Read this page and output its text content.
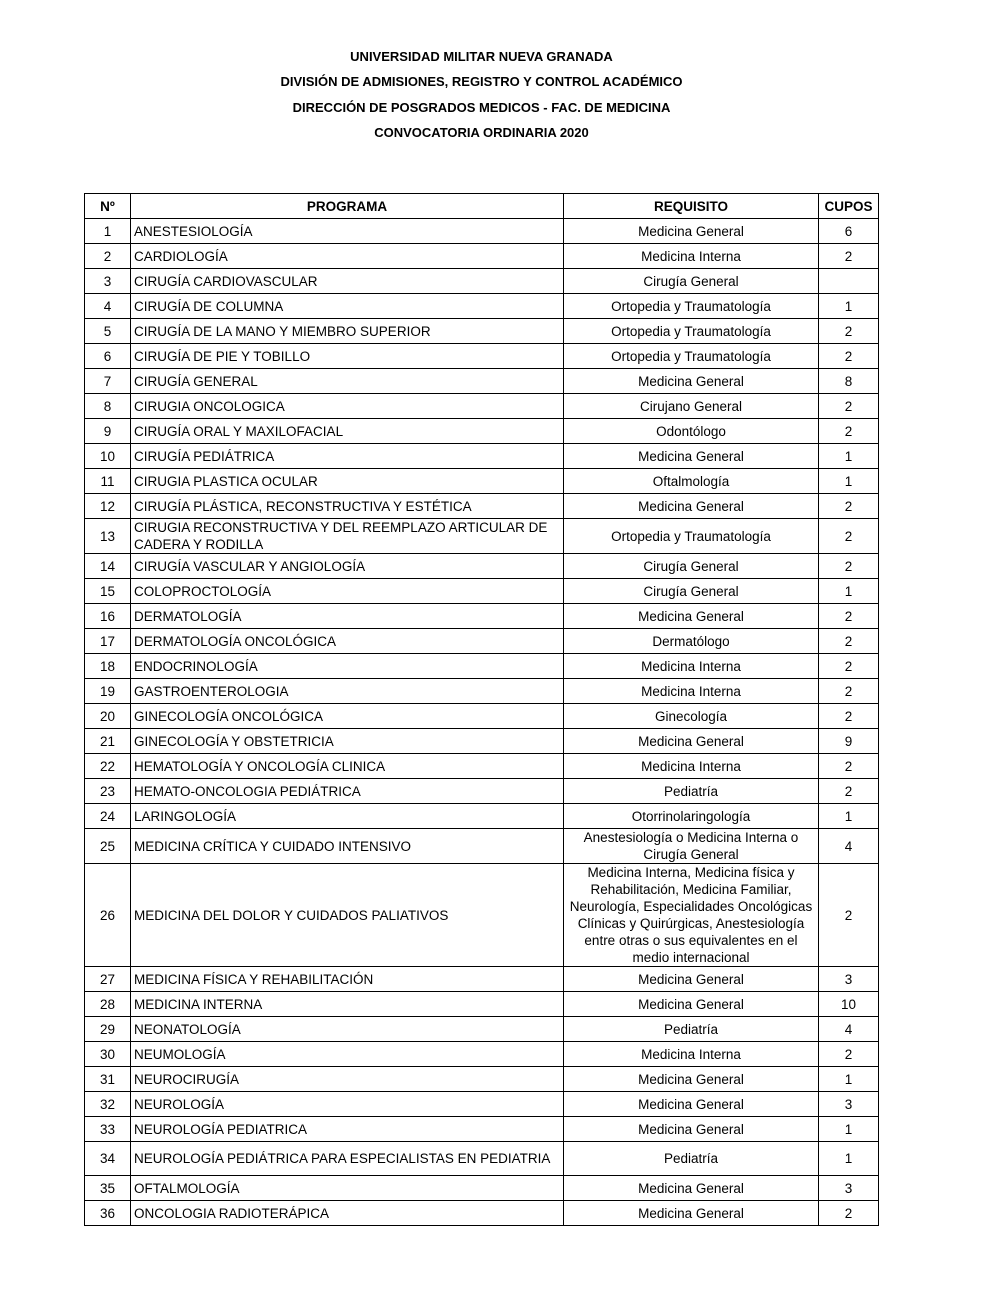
UNIVERSIDAD MILITAR NUEVA GRANADA
DIVISIÓN DE ADMISIONES, REGISTRO Y CONTROL ACADÉMICO
DIRECCIÓN DE POSGRADOS MEDICOS - FAC. DE MEDICINA
CONVOCATORIA ORDINARIA 2020
Nº	PROGRAMA	REQUISITO	CUPOS
1	ANESTESIOLOGÍA	Medicina General	6
2	CARDIOLOGÍA	Medicina Interna	2
3	CIRUGÍA CARDIOVASCULAR	Cirugía General	
4	CIRUGÍA DE COLUMNA	Ortopedia y Traumatología	1
5	CIRUGÍA DE LA MANO Y MIEMBRO SUPERIOR	Ortopedia y Traumatología	2
6	CIRUGÍA DE PIE Y TOBILLO	Ortopedia y Traumatología	2
7	CIRUGÍA GENERAL	Medicina General	8
8	CIRUGIA ONCOLOGICA	Cirujano General	2
9	CIRUGÍA ORAL Y MAXILOFACIAL	Odontólogo	2
10	CIRUGÍA PEDIÁTRICA	Medicina General	1
11	CIRUGIA PLASTICA OCULAR	Oftalmología	1
12	CIRUGÍA PLÁSTICA, RECONSTRUCTIVA Y ESTÉTICA	Medicina General	2
13	CIRUGIA RECONSTRUCTIVA Y DEL REEMPLAZO ARTICULAR DE CADERA Y RODILLA	Ortopedia y Traumatología	2
14	CIRUGÍA VASCULAR Y ANGIOLOGÍA	Cirugía General	2
15	COLOPROCTOLOGÍA	Cirugía General	1
16	DERMATOLOGÍA	Medicina General	2
17	DERMATOLOGÍA ONCOLÓGICA	Dermatólogo	2
18	ENDOCRINOLOGÍA	Medicina Interna	2
19	GASTROENTEROLOGIA	Medicina Interna	2
20	GINECOLOGÍA ONCOLÓGICA	Ginecología	2
21	GINECOLOGÍA Y OBSTETRICIA	Medicina General	9
22	HEMATOLOGÍA Y ONCOLOGÍA CLINICA	Medicina Interna	2
23	HEMATO-ONCOLOGIA PEDIÁTRICA	Pediatría	2
24	LARINGOLOGÍA	Otorrinolaringología	1
25	MEDICINA CRÍTICA Y CUIDADO INTENSIVO	Anestesiología o Medicina Interna o Cirugía General	4
26	MEDICINA DEL DOLOR Y CUIDADOS PALIATIVOS	Medicina Interna, Medicina física y Rehabilitación, Medicina Familiar, Neurología, Especialidades Oncológicas Clínicas y Quirúrgicas, Anestesiología entre otras o sus equivalentes en el medio internacional	2
27	MEDICINA FÍSICA Y REHABILITACIÓN	Medicina General	3
28	MEDICINA INTERNA	Medicina General	10
29	NEONATOLOGÍA	Pediatría	4
30	NEUMOLOGÍA	Medicina Interna	2
31	NEUROCIRUGÍA	Medicina General	1
32	NEUROLOGÍA	Medicina General	3
33	NEUROLOGÍA PEDIATRICA	Medicina General	1
34	NEUROLOGÍA PEDIÁTRICA PARA ESPECIALISTAS EN PEDIATRIA	Pediatría	1
35	OFTALMOLOGÍA	Medicina General	3
36	ONCOLOGIA RADIOTERÁPICA	Medicina General	2
